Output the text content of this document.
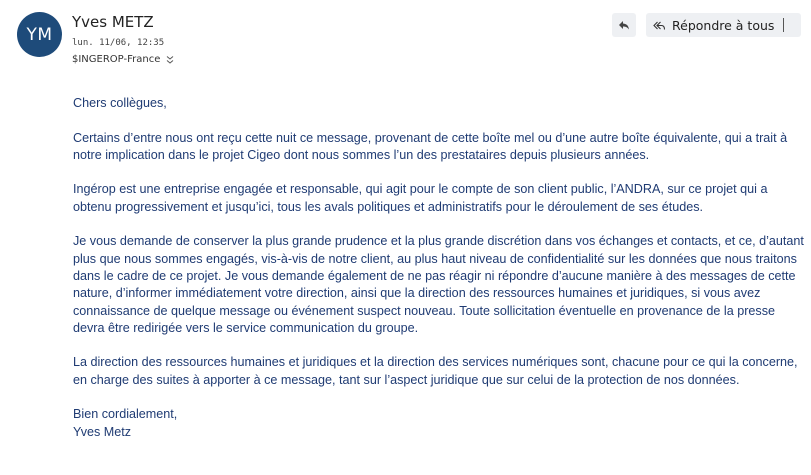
YM
Yves METZ
lun. 11/06, 12:35
$INGEROP-France
Répondre à tous

Chers collègues,

Certains d’entre nous ont reçu cette nuit ce message, provenant de cette boîte mel ou d’une autre boîte équivalente, qui a trait à notre implication dans le projet Cigeo dont nous sommes l’un des prestataires depuis plusieurs années.

Ingérop est une entreprise engagée et responsable, qui agit pour le compte de son client public, l’ANDRA, sur ce projet qui a obtenu progressivement et jusqu’ici, tous les avals politiques et administratifs pour le déroulement de ses études.

Je vous demande de conserver la plus grande prudence et la plus grande discrétion dans vos échanges et contacts, et ce, d’autant plus que nous sommes engagés, vis-à-vis de notre client, au plus haut niveau de confidentialité sur les données que nous traitons dans le cadre de ce projet. Je vous demande également de ne pas réagir ni répondre d’aucune manière à des messages de cette nature, d’informer immédiatement votre direction, ainsi que la direction des ressources humaines et juridiques, si vous avez connaissance de quelque message ou événement suspect nouveau. Toute sollicitation éventuelle en provenance de la presse devra être redirigée vers le service communication du groupe.

La direction des ressources humaines et juridiques et la direction des services numériques sont, chacune pour ce qui la concerne, en charge des suites à apporter à ce message, tant sur l’aspect juridique que sur celui de la protection de nos données.

Bien cordialement,

Yves Metz
